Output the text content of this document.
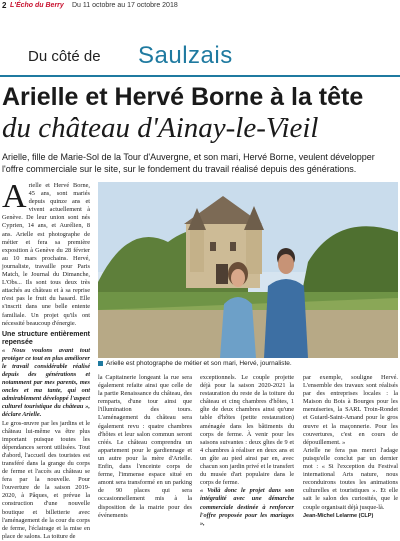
2 L'Écho du Berry Du 11 octobre au 17 octobre 2018
Du côté de Saulzais
Arielle et Hervé Borne à la tête
du château d'Ainay-le-Vieil
Arielle, fille de Marie-Sol de la Tour d'Auvergne, et son mari, Hervé Borne, veulent développer l'offre commerciale sur le site, sur le fondement du travail réalisé depuis des générations.
A rielle et Hervé Borne, 45 ans, sont mariés depuis quinze ans et vivent actuellement à Genève. De leur union sont nés Cyprien, 14 ans, et Aurélien, 8 ans. Arielle est photographe de métier et fera sa première exposition à Genève du 28 février au 10 mars prochains. Hervé, journaliste, travaille pour Paris Match, le Journal du Dimanche, L'Obs... Ils sont tous deux très attachés au château et à sa reprise n'est pas le fruit du hasard. Elle s'inscrit dans une belle entente familiale. Un projet qu'ils ont nécessité beaucoup d'énergie.
Une structure entièrement repensée
« Nous voulons avant tout protéger ce tout en plus améliorer le travail considérable réalisé depuis des générations et notamment par mes parents, mes oncles et ma tante, qui ont admirablement développé l'aspect culturel touristique du château », déclare Arielle.
Le gros-œuvre par les jardins et le château lui-même va être plus important puisque toutes les dépendances seront utilisées. Tout d'abord, l'accueil des touristes est transféré dans la grange du corps de ferme et l'accès au château se fera par la nouvelle. Pour l'ouverture de la saison 2019-2020, à Pâques, et prévue la construction d'une nouvelle boutique et billetterie avec l'aménagement de la cour du corps de ferme, l'éclairage et la mise en place de salons. La toiture de
Arielle est photographe de métier et son mari, Hervé, journaliste.
la Capitainerie longeant la rue sera également refaite ainsi que celle de la partie Renaissance du château, des remparts, d'une tour ainsi que l'illumination des tours. L'aménagement du château sera également revu : quatre chambres d'hôtes et leur salon commun seront créés. Le château comprendra un appartement pour le gardiennage et un autre pour la mère d'Arielle. Enfin, dans l'enceinte corps de ferme, l'immense espace situé en amont sera transformé en un parking de 90 places qui sera occasionnellement mis à la disposition de la mairie pour des événements
exceptionnels. Le couple projette déjà pour la saison 2020-2021 la restauration du reste de la toiture du château et cinq chambres d'hôtes, 1 gîte de deux chambres ainsi qu'une table d'hôtes (petite restauration) aménagée dans les bâtiments du corps de ferme. À venir pour les saisons suivantes : deux gîtes de 9 et 4 chambres à réaliser en deux ans et un gîte au pied ainsi par en, avec chacun son jardin privé et le transfert du musée d'art populaire dans le corps de ferme.
« Voilà donc le projet dans son intégralité avec une démarche commerciale destinée à renforcer l'offre proposée pour les mariages »,
par exemple, souligne Hervé. L'ensemble des travaux sont réalisés par des entreprises locales : la Maison du Bois à Bourges pour les menuiseries, la SARL Troin-Rondet et Guiard-Saint-Amand pour le gros œuvre et la maçonnerie. Pour les couvertures, c'est en cours de dépouillement. »
Arielle ne fera pas merci l'adage puisqu'elle conclut par un dernier mot : « Si l'exception du Festival international Arts nature, nous reconduirons toutes les animations culturelles et touristiques ». Et elle sait le salon des curiosités, que le couple organisait déjà jusque-là.
Jean-Michel Lelarme (CLP)
